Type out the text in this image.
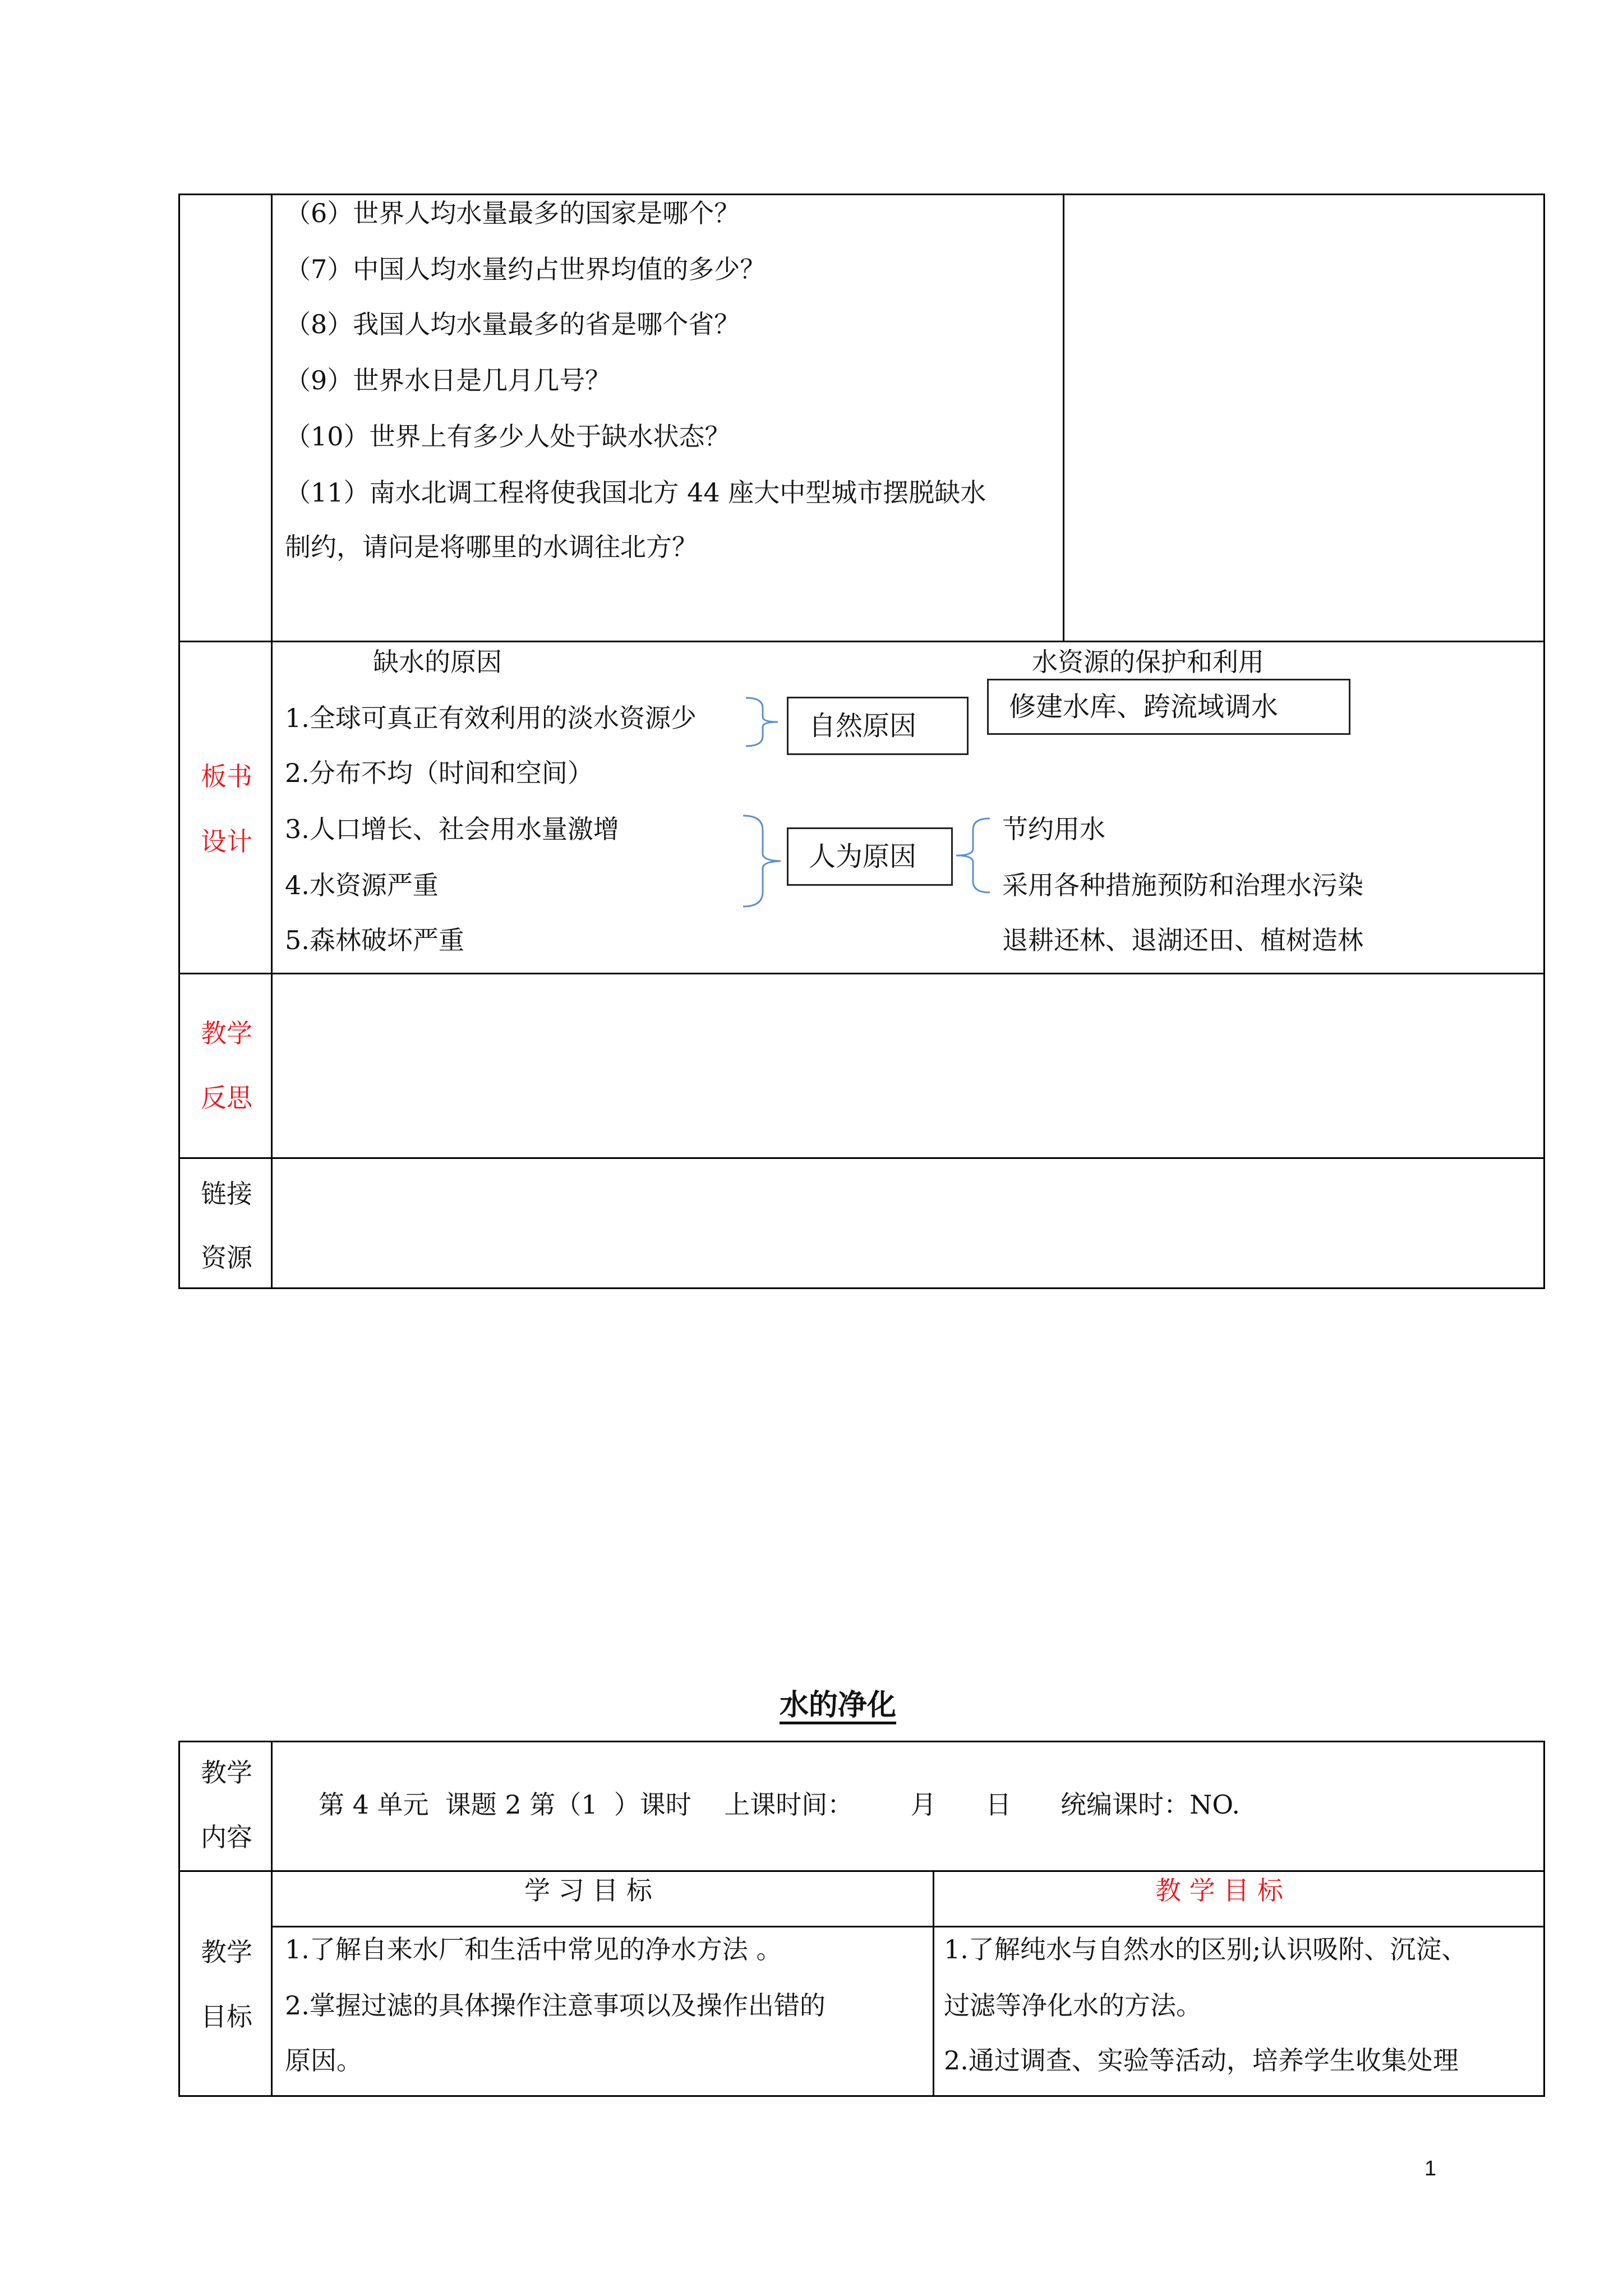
（6）世界人均水量最多的国家是哪个？
（7）中国人均水量约占世界均值的多少？
（8）我国人均水量最多的省是哪个省？
（9）世界水日是几月几号？
（10）世界上有多少人处于缺水状态？
（11）南水北调工程将使我国北方 44 座大中型城市摆脱缺水
制约，请问是将哪里的水调往北方？
板书
设计
缺水的原因	水资源的保护和利用
1.全球可真正有效利用的淡水资源少
2.分布不均（时间和空间）
3.人口增长、社会用水量激增
4.水资源严重
5.森林破坏严重
自然原因
人为原因
修建水库、跨流域调水
节约用水
采用各种措施预防和治理水污染
退耕还林、退湖还田、植树造林
教学
反思
链接
资源
水的净化
教学
内容
第 4 单元  课题 2 第（1  ）课时    上课时间：       月      日      统编课时：NO.
学 习 目 标	教 学 目 标
教学
目标
1.了解自来水厂和生活中常见的净水方法 。
2.掌握过滤的具体操作注意事项以及操作出错的
原因。
1.了解纯水与自然水的区别;认识吸附、沉淀、
过滤等净化水的方法。
2.通过调查、实验等活动，培养学生收集处理
1
